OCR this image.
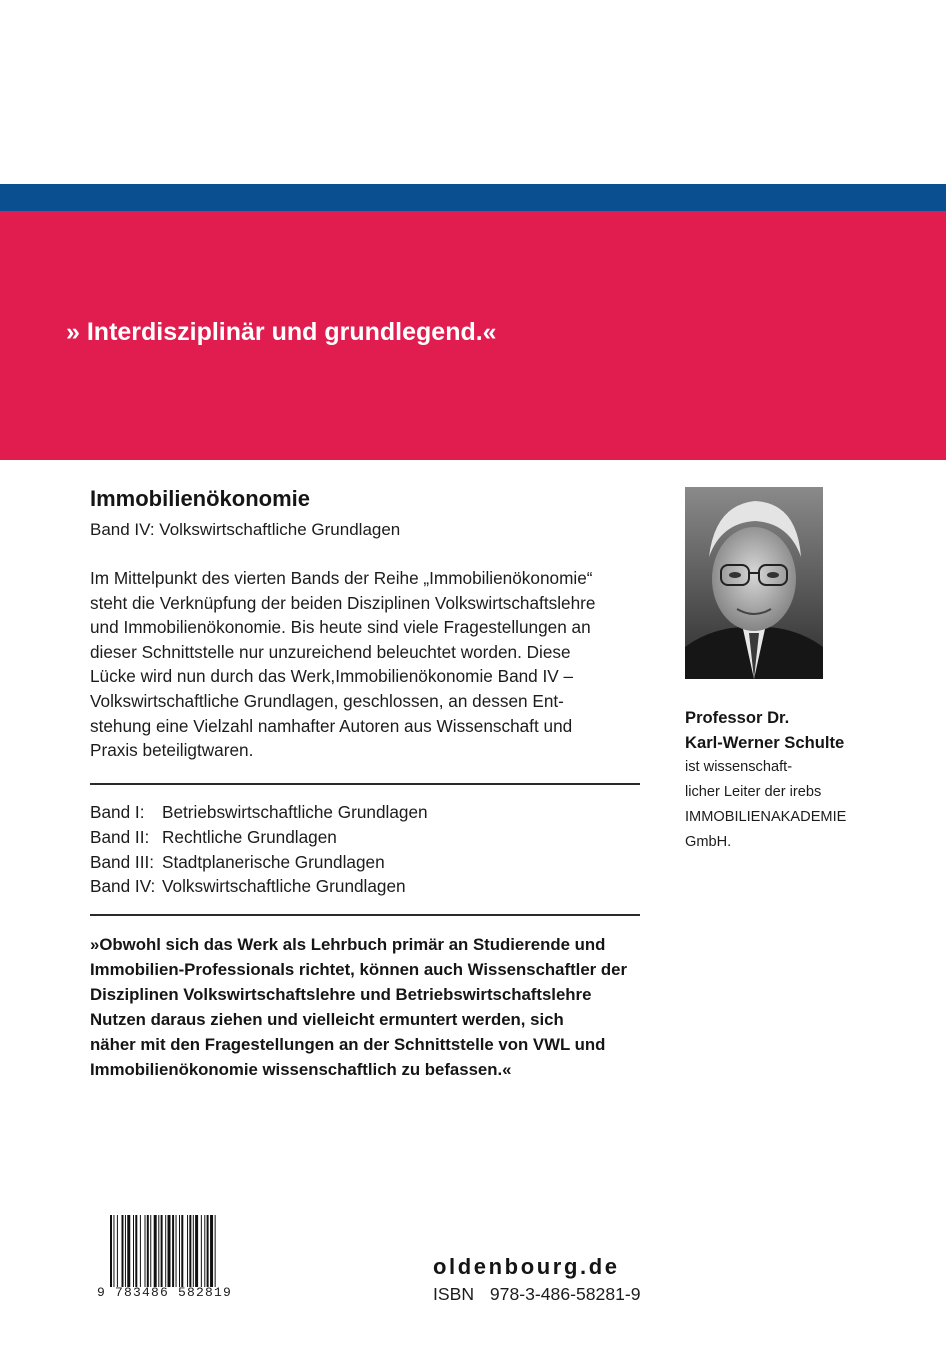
» Interdisziplinär und grundlegend.«
Immobilienökonomie
Band IV: Volkswirtschaftliche Grundlagen

Im Mittelpunkt des vierten Bands der Reihe „Immobilienökonomie“
steht die Verknüpfung der beiden Disziplinen Volkswirtschaftslehre
und Immobilienökonomie. Bis heute sind viele Fragestellungen an
dieser Schnittstelle nur unzureichend beleuchtet worden. Diese
Lücke wird nun durch das Werk,Immobilienökonomie Band IV –
Volkswirtschaftliche Grundlagen, geschlossen, an dessen Ent-
stehung eine Vielzahl namhafter Autoren aus Wissenschaft und
Praxis beteiligtwaren.

Band I:	Betriebswirtschaftliche Grundlagen
Band II: Rechtliche Grundlagen
Band III: Stadtplanerische Grundlagen
Band IV: Volkswirtschaftliche Grundlagen

»Obwohl sich das Werk als Lehrbuch primär an Studierende und
Immobilien-Professionals richtet, können auch Wissenschaftler der
Disziplinen Volkswirtschaftslehre und Betriebswirtschaftslehre
Nutzen daraus ziehen und vielleicht ermuntert werden, sich
näher mit den Fragestellungen an der Schnittstelle von VWL und
Immobilienökonomie wissenschaftlich zu befassen.«

Professor Dr.
Karl-Werner Schulte
ist wissenschaft-
licher Leiter der irebs
IMMOBILIENAKADEMIE
GmbH.
9 783486 582819
oldenbourg.de
ISBN 978-3-486-58281-9
